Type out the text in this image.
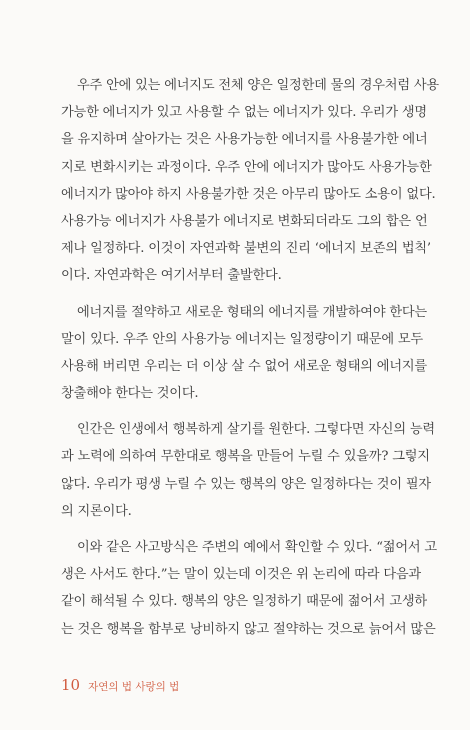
우주 안에 있는 에너지도 전체 양은 일정한데 물의 경우처럼 사용
가능한 에너지가 있고 사용할 수 없는 에너지가 있다. 우리가 생명
을 유지하며 살아가는 것은 사용가능한 에너지를 사용불가한 에너
지로 변화시키는 과정이다. 우주 안에 에너지가 많아도 사용가능한
에너지가 많아야 하지 사용불가한 것은 아무리 많아도 소용이 없다.
사용가능 에너지가 사용불가 에너지로 변화되더라도 그의 합은 언
제나 일정하다. 이것이 자연과학 불변의 진리 ‘에너지 보존의 법칙’
이다. 자연과학은 여기서부터 출발한다.
에너지를 절약하고 새로운 형태의 에너지를 개발하여야 한다는
말이 있다. 우주 안의 사용가능 에너지는 일정량이기 때문에 모두
사용해 버리면 우리는 더 이상 살 수 없어 새로운 형태의 에너지를
창출해야 한다는 것이다.
인간은 인생에서 행복하게 살기를 원한다. 그렇다면 자신의 능력
과 노력에 의하여 무한대로 행복을 만들어 누릴 수 있을까? 그렇지
않다. 우리가 평생 누릴 수 있는 행복의 양은 일정하다는 것이 필자
의 지론이다.
이와 같은 사고방식은 주변의 예에서 확인할 수 있다. “젊어서 고
생은 사서도 한다.”는 말이 있는데 이것은 위 논리에 따라 다음과
같이 해석될 수 있다. 행복의 양은 일정하기 때문에 젊어서 고생하
는 것은 행복을 함부로 낭비하지 않고 절약하는 것으로 늙어서 많은
10 자연의 법 사랑의 법
